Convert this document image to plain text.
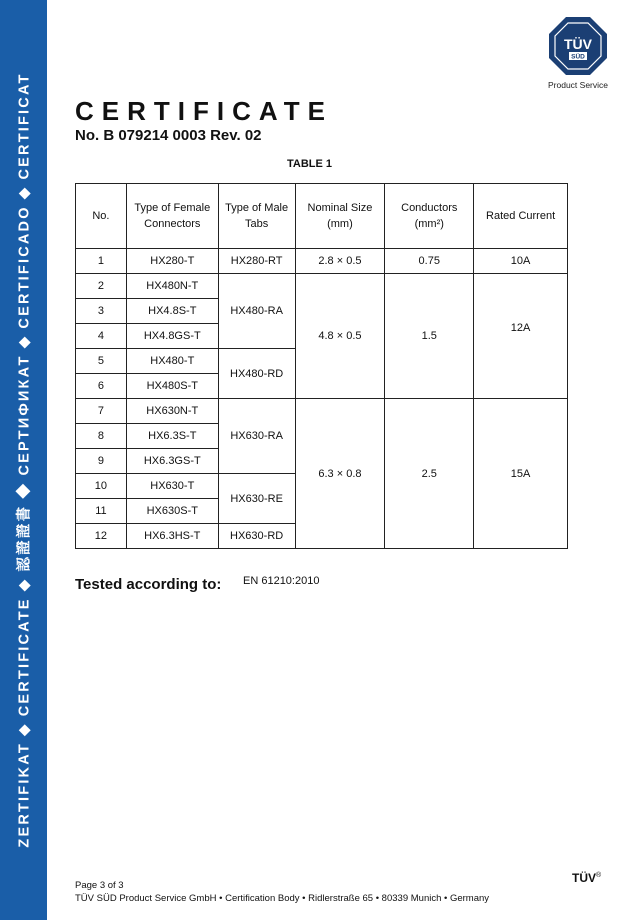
ZERTIFIKAT ◆ CERTIFICATE ◆ 認證證書 ◆ СЕРТИФИКАТ ◆ CERTIFICADO ◆ CERTIFICAT
TÜV
SÜD
Product Service
CERTIFICATE
No. B 079214 0003 Rev. 02
TABLE 1
No.	Type of Female Connectors	Type of Male Tabs	Nominal Size (mm)	Conductors (mm²)	Rated Current
1	HX280-T	HX280-RT	2.8 × 0.5	0.75	10A
2	HX480N-T	HX480-RA	4.8 × 0.5	1.5	12A
3	HX4.8S-T				
4	HX4.8GS-T				
5	HX480-T	HX480-RD			
6	HX480S-T				
7	HX630N-T	HX630-RA	6.3 × 0.8	2.5	15A
8	HX6.3S-T				
9	HX6.3GS-T				
10	HX630-T	HX630-RE			
11	HX630S-T				
12	HX6.3HS-T	HX630-RD			
Tested according to: EN 61210:2010
Page 3 of 3
TÜV SÜD Product Service GmbH • Certification Body • Ridlerstraße 65 • 80339 Munich • Germany
TÜV®
